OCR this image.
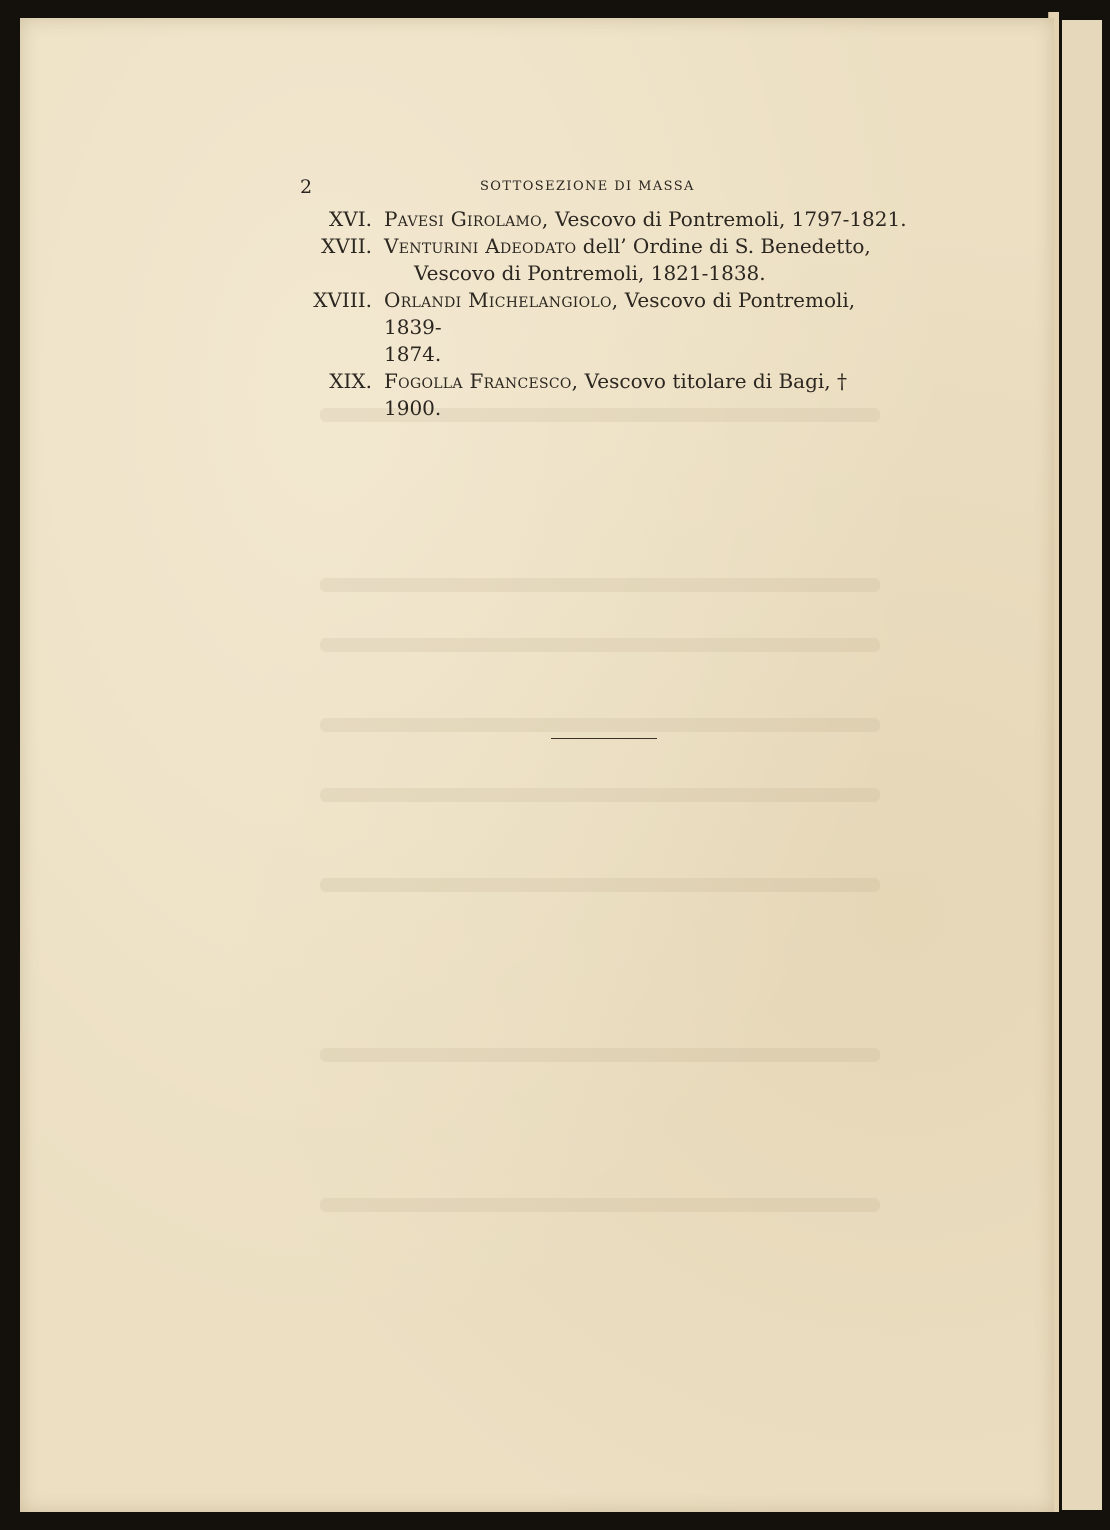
2	SOTTOSEZIONE DI MASSA
XVI. Pavesi Girolamo, Vescovo di Pontremoli, 1797-1821.
XVII. Venturini Adeodato dell’ Ordine di S. Benedetto,
Vescovo di Pontremoli, 1821-1838.
XVIII. Orlandi Michelangiolo, Vescovo di Pontremoli, 1839-
1874.
XIX. Fogolla Francesco, Vescovo titolare di Bagi, † 1900.
